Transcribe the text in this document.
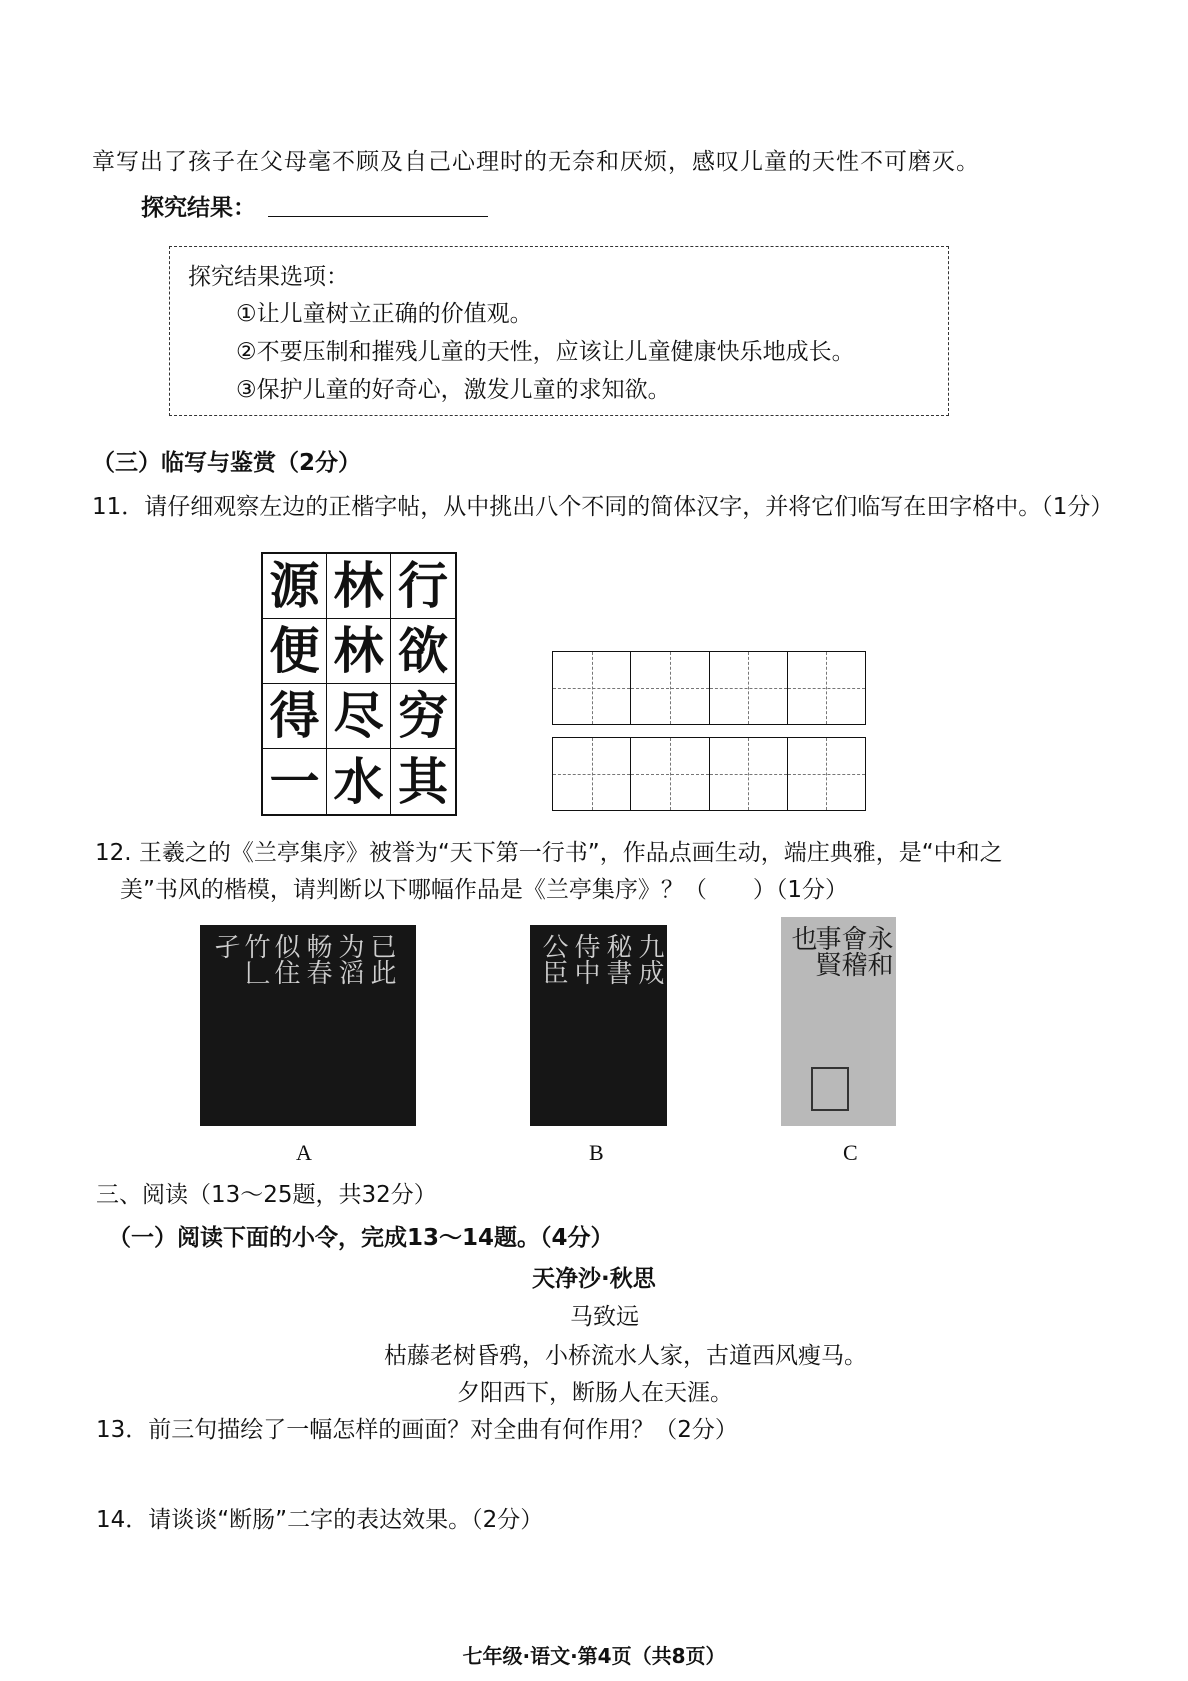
章写出了孩子在父母毫不顾及自己心理时的无奈和厌烦，感叹儿童的天性不可磨灭。
探究结果：
探究结果选项：
①让儿童树立正确的价值观。
②不要压制和摧残儿童的天性，应该让儿童健康快乐地成长。
③保护儿童的好奇心，激发儿童的求知欲。
（三）临写与鉴赏（2分）
11．请仔细观察左边的正楷字帖，从中挑出八个不同的简体汉字，并将它们临写在田字格中。（1分）
源 林 行
便 林 欲
得 尽 穷
一 水 其
12. 王羲之的《兰亭集序》被誉为“天下第一行书”，作品点画生动，端庄典雅，是“中和之
美”书风的楷模，请判断以下哪幅作品是《兰亭集序》？（　　）（1分）
孑 竹𠃊 似住 畅春 为滔 已此	公臣 侍中 秘書 九成	也
事賢
會稽
永和
A	B	C
三、阅读（13～25题，共32分）
（一）阅读下面的小令，完成13～14题。（4分）
天净沙·秋思
马致远
枯藤老树昏鸦，小桥流水人家，古道西风瘦马。
夕阳西下，断肠人在天涯。
13．前三句描绘了一幅怎样的画面？对全曲有何作用？（2分）
14．请谈谈“断肠”二字的表达效果。（2分）
七年级·语文·第4页（共8页）
